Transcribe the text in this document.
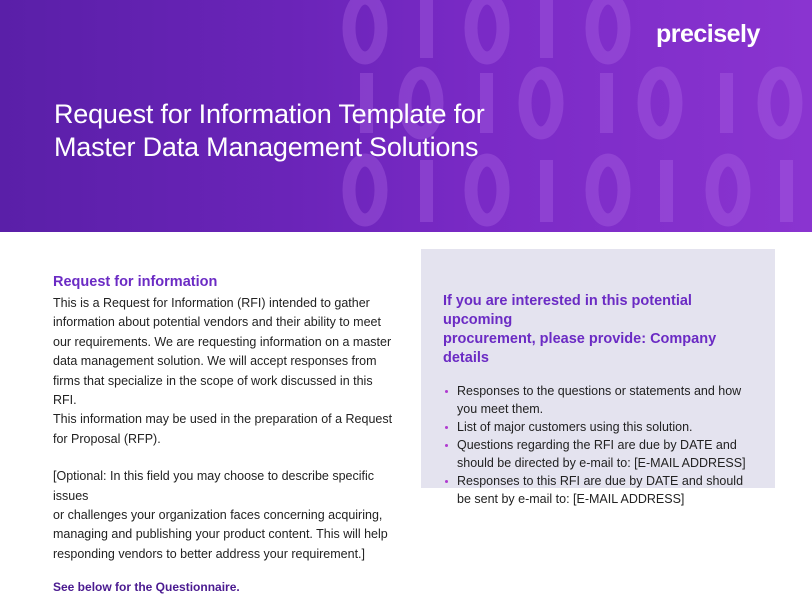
precisely
Request for Information Template for
Master Data Management Solutions
Request for information

This is a Request for Information (RFI) intended to gather
information about potential vendors and their ability to meet
our requirements. We are requesting information on a master
data management solution. We will accept responses from
firms that specialize in the scope of work discussed in this RFI.
This information may be used in the preparation of a Request
for Proposal (RFP).

[Optional: In this field you may choose to describe specific issues
or challenges your organization faces concerning acquiring,
managing and publishing your product content. This will help
responding vendors to better address your requirement.]

See below for the Questionnaire.

If you are interested in this potential upcoming
procurement, please provide: Company details
Responses to the questions or statements and how you meet them.
List of major customers using this solution.
Questions regarding the RFI are due by DATE and should be directed by e-mail to: [E-MAIL ADDRESS]
Responses to this RFI are due by DATE and should be sent by e-mail to: [E-MAIL ADDRESS]
